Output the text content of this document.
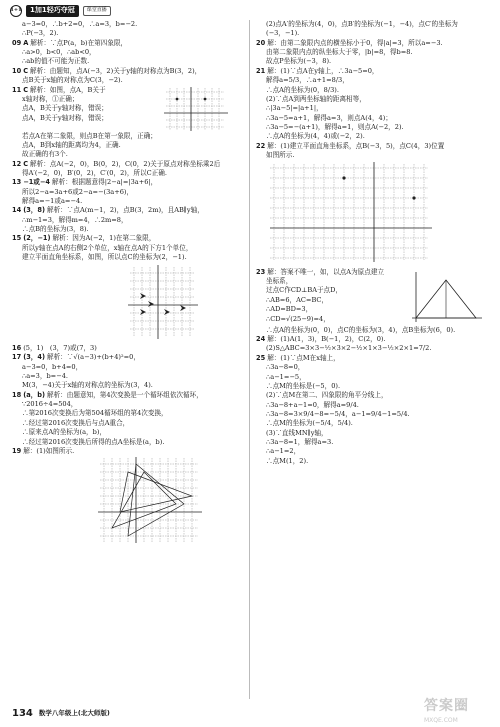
1+1	1加1轻巧夺冠	课堂直播
a−3=0，∴b+2=0，∴a=3，b=−2.
∴P(−3，2).
09 A 解析：∵点P(a，b)在第四象限，
∴a>0，b<0，∴ab<0，
∴ab的值不可能为正数.
10 C 解析：由题知，点A(−3，2)关于y轴的对称点为B(3，2)，
点B关于x轴的对称点为C(3，−2).
11 C 解析：如图，点A，B关于
x轴对称，①正确；
点A，B关于y轴对称，错误；
点A，B关于y轴对称，错误；
若点A在第二象限，则点B在第一象限，正确；
点A，B到x轴的距离均为4，正确.
故正确的有3个.
12 C 解析：点A(−2，0)，B(0，2)，C(0，2)关于原点对称坐标乘2后
得A′(−2，0)，B′(0，2)，C′(0，2)，所以C正确.
13 −1或−4 解析：根据题意得|2−a|=|3a+6|，
所以2−a=3a+6或2−a=−(3a+6)，
解得a=−1或a=−4.
14 (3，8) 解析：∵点A(m−1，2)，点B(3，2m)，且AB∥y轴，
∴m−1=3，解得m=4，∴2m=8，
∴点B的坐标为(3，8).
15 (2，−1) 解析：因为A(−2，1)在第二象限，
所以y轴在点A的右侧2个单位，x轴在点A的下方1个单位，
建立平面直角坐标系，如图，所以点C的坐标为(2，−1).
16 (5，1)　(3，7)或(7，3)
17 (3，4) 解析：∵√(a−3)+(b+4)²=0，
a−3=0，b+4=0，
∴a=3，b=−4.
M(3，−4)关于x轴的对称点的坐标为(3，4).
18 (a，b) 解析：由题意知，第4次变换是一个循环组依次循环，
∵2016÷4=504，
∴第2016次变换后为第504循环组的第4次变换，
∴经过第2016次变换后与点A重合，
∴原来点A的坐标为(a，b)，
∴经过第2016次变换后所得的点A坐标是(a，b).
19 解：(1)如图所示.
(2)点A′的坐标为(4，0)，点B′的坐标为(−1，−4)，点C′的坐标为
(−3，−1).
20 解：由第二象限内点的横坐标小于0，得|a|=3，所以a=−3.
由第二象限内点的纵坐标大于零，|b|=8，得b=8.
故点P坐标为(−3，8).
21 解：(1)∵点A在y轴上，∴3a−5=0，
解得a=5/3，∴a+1=8/3，
∴点A的坐标为(0，8/3).
(2)∵点A到两坐标轴的距离相等，
∴|3a−5|=|a+1|，
∴3a−5=a+1，解得a=3，则点A(4，4)；
∴3a−5=−(a+1)，解得a=1，则点A(−2，2).
∴点A的坐标为(4，4)或(−2，2).
22 解：(1)建立平面直角坐标系，点B(−3，5)，点C(4，3)位置
如图所示.
23 解：答案不唯一，如，以点A为原点建立
坐标系，
过点C作CD⊥BA于点D，
∴AB=6，AC=BC，
∴AD=BD=3，
∴CD=√(25−9)=4，
∴点A的坐标为(0，0)，点C的坐标为(3，4)，点B坐标为(6，0).
24 解：(1)A(1，3)，B(−1，2)，C(2，0).
(2)S△ABC=3×3−½×3×2−½×1×3−½×2×1=7/2.
25 解：(1)∵点M在x轴上，
∴3a−8=0，
∴a−1=−5，
∴点M的坐标是(−5，0).
(2)∵点M在第二、四象限的角平分线上，
∴3a−8+a−1=0，解得a=9/4.
∴3a−8=3×9/4−8=−5/4，a−1=9/4−1=5/4.
∴点M的坐标为(−5/4，5/4).
(3)∵直线MN∥y轴，
∴3a−8=1，解得a=3.
∴a−1=2，
∴点M(1，2).
134 数学八年级上(北大师版)	答案圈
MXQE.COM
